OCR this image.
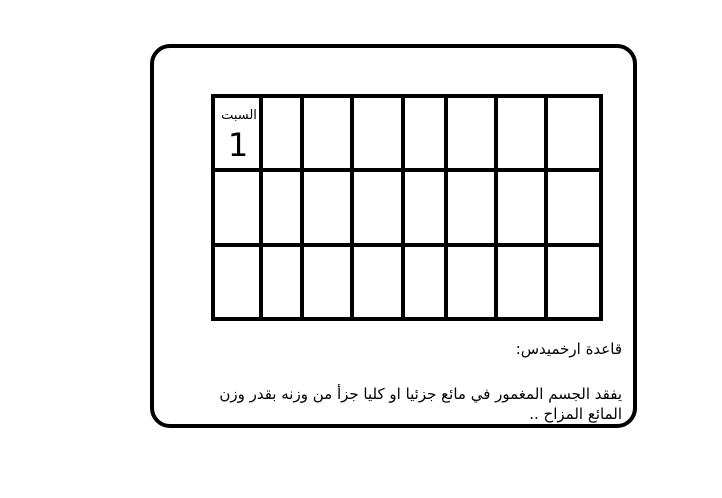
السبت
1
قاعدة ارخميدس:
يفقد الجسم المغمور في مائع جزئيا او كليا جزأ من وزنه بقدر وزن المائع المزاح ..
